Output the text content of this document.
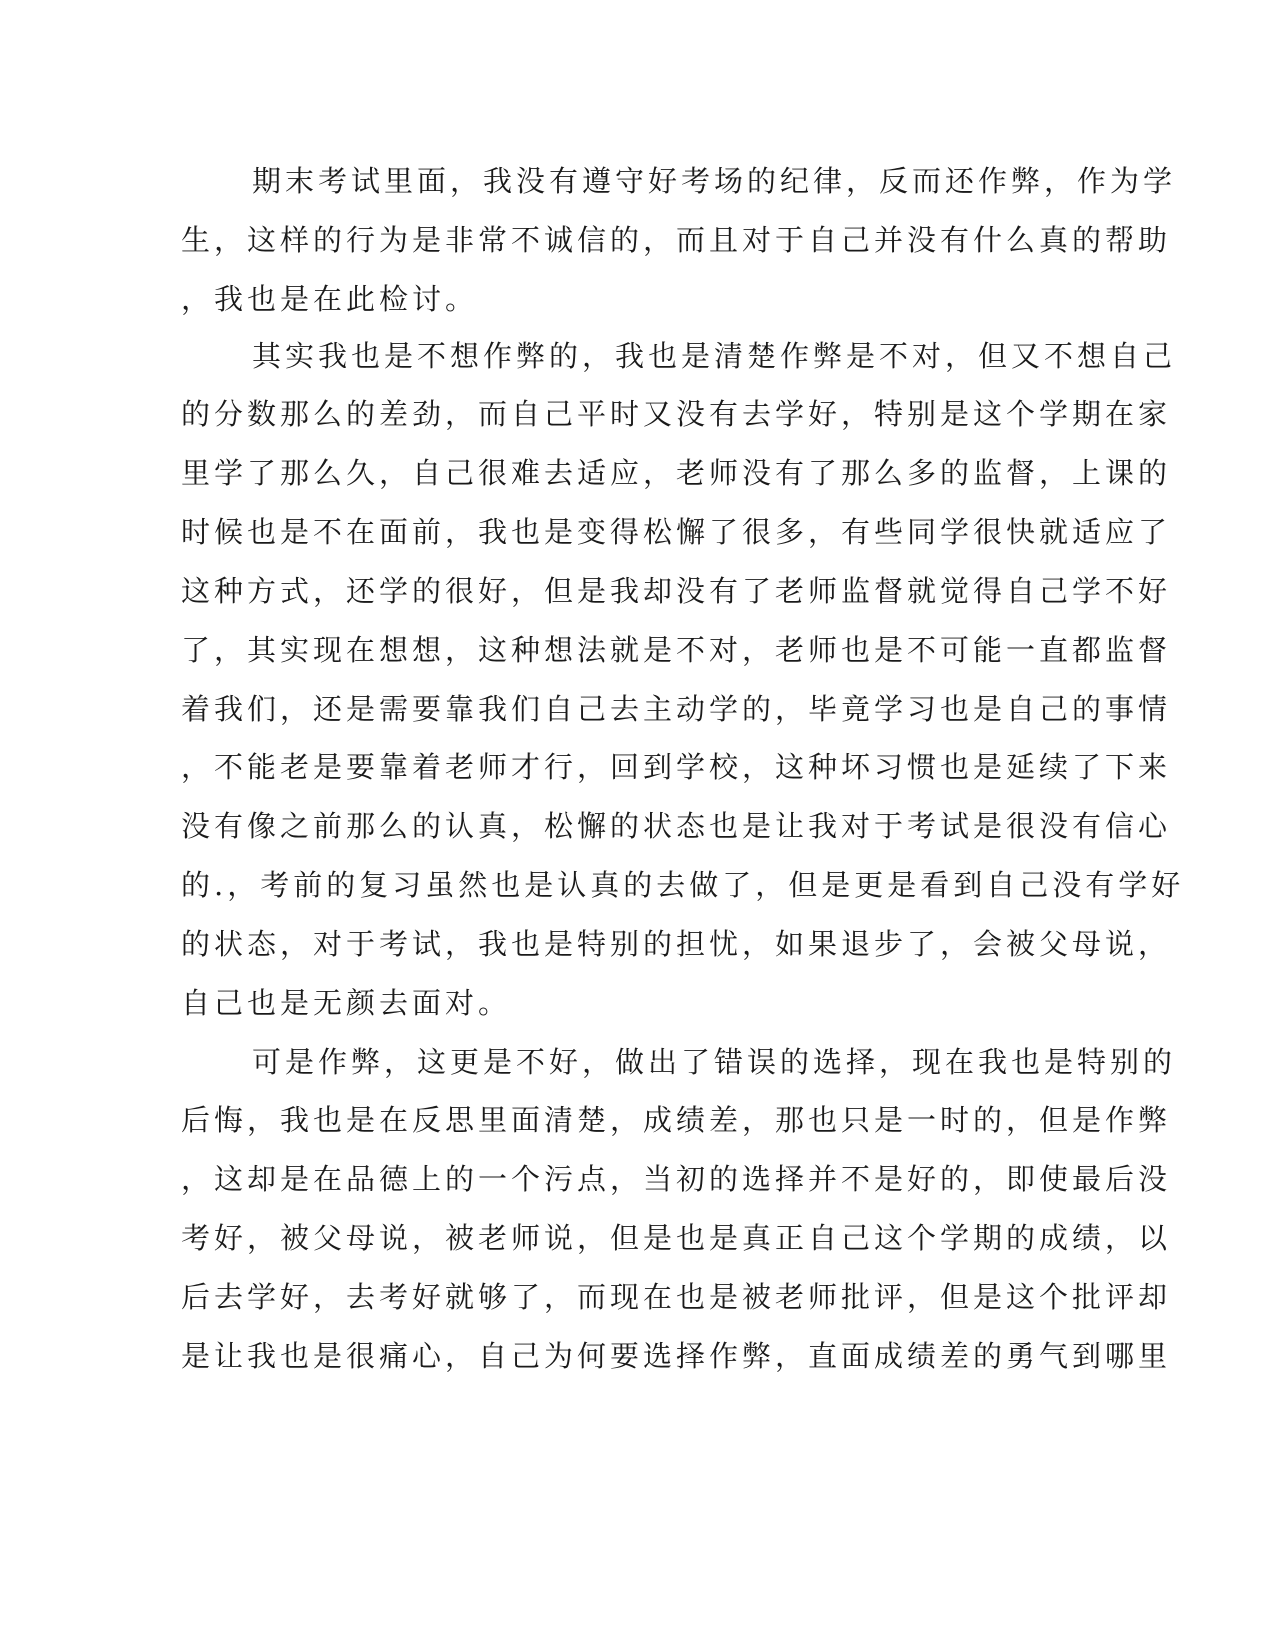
期末考试里面，我没有遵守好考场的纪律，反而还作弊，作为学
生，这样的行为是非常不诚信的，而且对于自己并没有什么真的帮助
，我也是在此检讨。
其实我也是不想作弊的，我也是清楚作弊是不对，但又不想自己
的分数那么的差劲，而自己平时又没有去学好，特别是这个学期在家
里学了那么久，自己很难去适应，老师没有了那么多的监督，上课的
时候也是不在面前，我也是变得松懈了很多，有些同学很快就适应了
这种方式，还学的很好，但是我却没有了老师监督就觉得自己学不好
了，其实现在想想，这种想法就是不对，老师也是不可能一直都监督
着我们，还是需要靠我们自己去主动学的，毕竟学习也是自己的事情
，不能老是要靠着老师才行，回到学校，这种坏习惯也是延续了下来
没有像之前那么的认真，松懈的状态也是让我对于考试是很没有信心
的.，考前的复习虽然也是认真的去做了，但是更是看到自己没有学好
的状态，对于考试，我也是特别的担忧，如果退步了，会被父母说，
自己也是无颜去面对。
可是作弊，这更是不好，做出了错误的选择，现在我也是特别的
后悔，我也是在反思里面清楚，成绩差，那也只是一时的，但是作弊
，这却是在品德上的一个污点，当初的选择并不是好的，即使最后没
考好，被父母说，被老师说，但是也是真正自己这个学期的成绩，以
后去学好，去考好就够了，而现在也是被老师批评，但是这个批评却
是让我也是很痛心，自己为何要选择作弊，直面成绩差的勇气到哪里
